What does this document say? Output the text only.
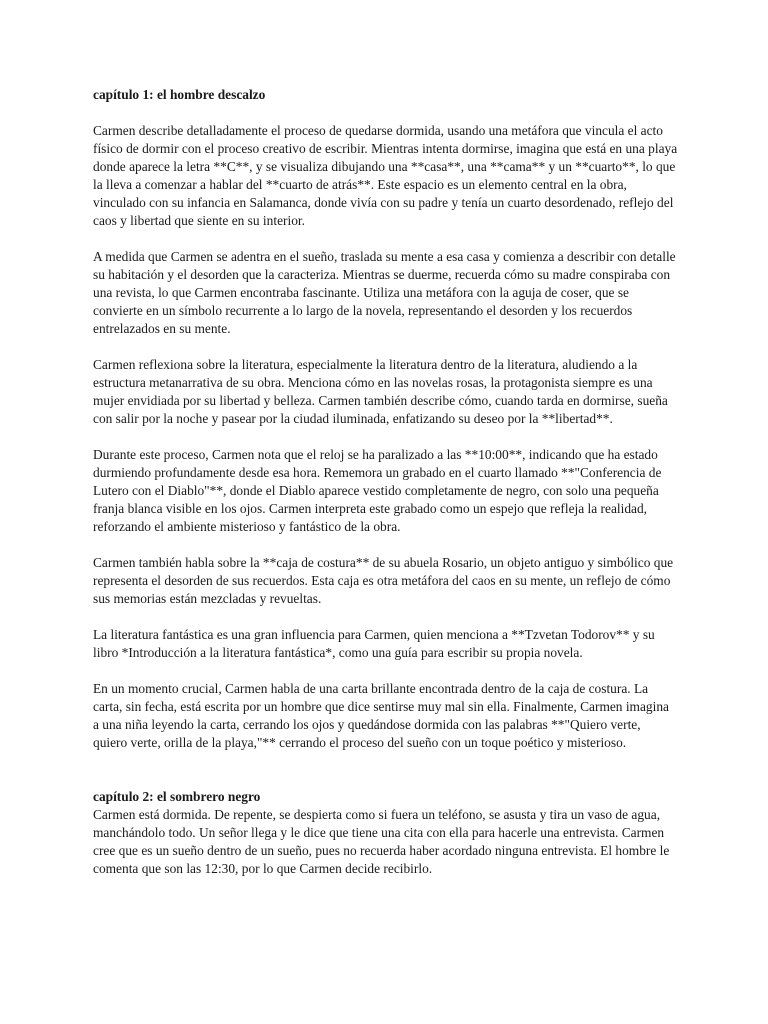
capítulo 1: el hombre descalzo

Carmen describe detalladamente el proceso de quedarse dormida, usando una metáfora que vincula el acto físico de dormir con el proceso creativo de escribir. Mientras intenta dormirse, imagina que está en una playa donde aparece la letra **C**, y se visualiza dibujando una **casa**, una **cama** y un **cuarto**, lo que la lleva a comenzar a hablar del **cuarto de atrás**. Este espacio es un elemento central en la obra, vinculado con su infancia en Salamanca, donde vivía con su padre y tenía un cuarto desordenado, reflejo del caos y libertad que siente en su interior.

A medida que Carmen se adentra en el sueño, traslada su mente a esa casa y comienza a describir con detalle su habitación y el desorden que la caracteriza. Mientras se duerme, recuerda cómo su madre conspiraba con una revista, lo que Carmen encontraba fascinante. Utiliza una metáfora con la aguja de coser, que se convierte en un símbolo recurrente a lo largo de la novela, representando el desorden y los recuerdos entrelazados en su mente.

Carmen reflexiona sobre la literatura, especialmente la literatura dentro de la literatura, aludiendo a la estructura metanarrativa de su obra. Menciona cómo en las novelas rosas, la protagonista siempre es una mujer envidiada por su libertad y belleza. Carmen también describe cómo, cuando tarda en dormirse, sueña con salir por la noche y pasear por la ciudad iluminada, enfatizando su deseo por la **libertad**.

Durante este proceso, Carmen nota que el reloj se ha paralizado a las **10:00**, indicando que ha estado durmiendo profundamente desde esa hora. Rememora un grabado en el cuarto llamado **"Conferencia de Lutero con el Diablo"**, donde el Diablo aparece vestido completamente de negro, con solo una pequeña franja blanca visible en los ojos. Carmen interpreta este grabado como un espejo que refleja la realidad, reforzando el ambiente misterioso y fantástico de la obra.

Carmen también habla sobre la **caja de costura** de su abuela Rosario, un objeto antiguo y simbólico que representa el desorden de sus recuerdos. Esta caja es otra metáfora del caos en su mente, un reflejo de cómo sus memorias están mezcladas y revueltas.

La literatura fantástica es una gran influencia para Carmen, quien menciona a **Tzvetan Todorov** y su libro *Introducción a la literatura fantástica*, como una guía para escribir su propia novela.

En un momento crucial, Carmen habla de una carta brillante encontrada dentro de la caja de costura. La carta, sin fecha, está escrita por un hombre que dice sentirse muy mal sin ella. Finalmente, Carmen imagina a una niña leyendo la carta, cerrando los ojos y quedándose dormida con las palabras **"Quiero verte, quiero verte, orilla de la playa,"** cerrando el proceso del sueño con un toque poético y misterioso.

capítulo 2: el sombrero negro

Carmen está dormida. De repente, se despierta como si fuera un teléfono, se asusta y tira un vaso de agua, manchándolo todo. Un señor llega y le dice que tiene una cita con ella para hacerle una entrevista. Carmen cree que es un sueño dentro de un sueño, pues no recuerda haber acordado ninguna entrevista. El hombre le comenta que son las 12:30, por lo que Carmen decide recibirlo.
